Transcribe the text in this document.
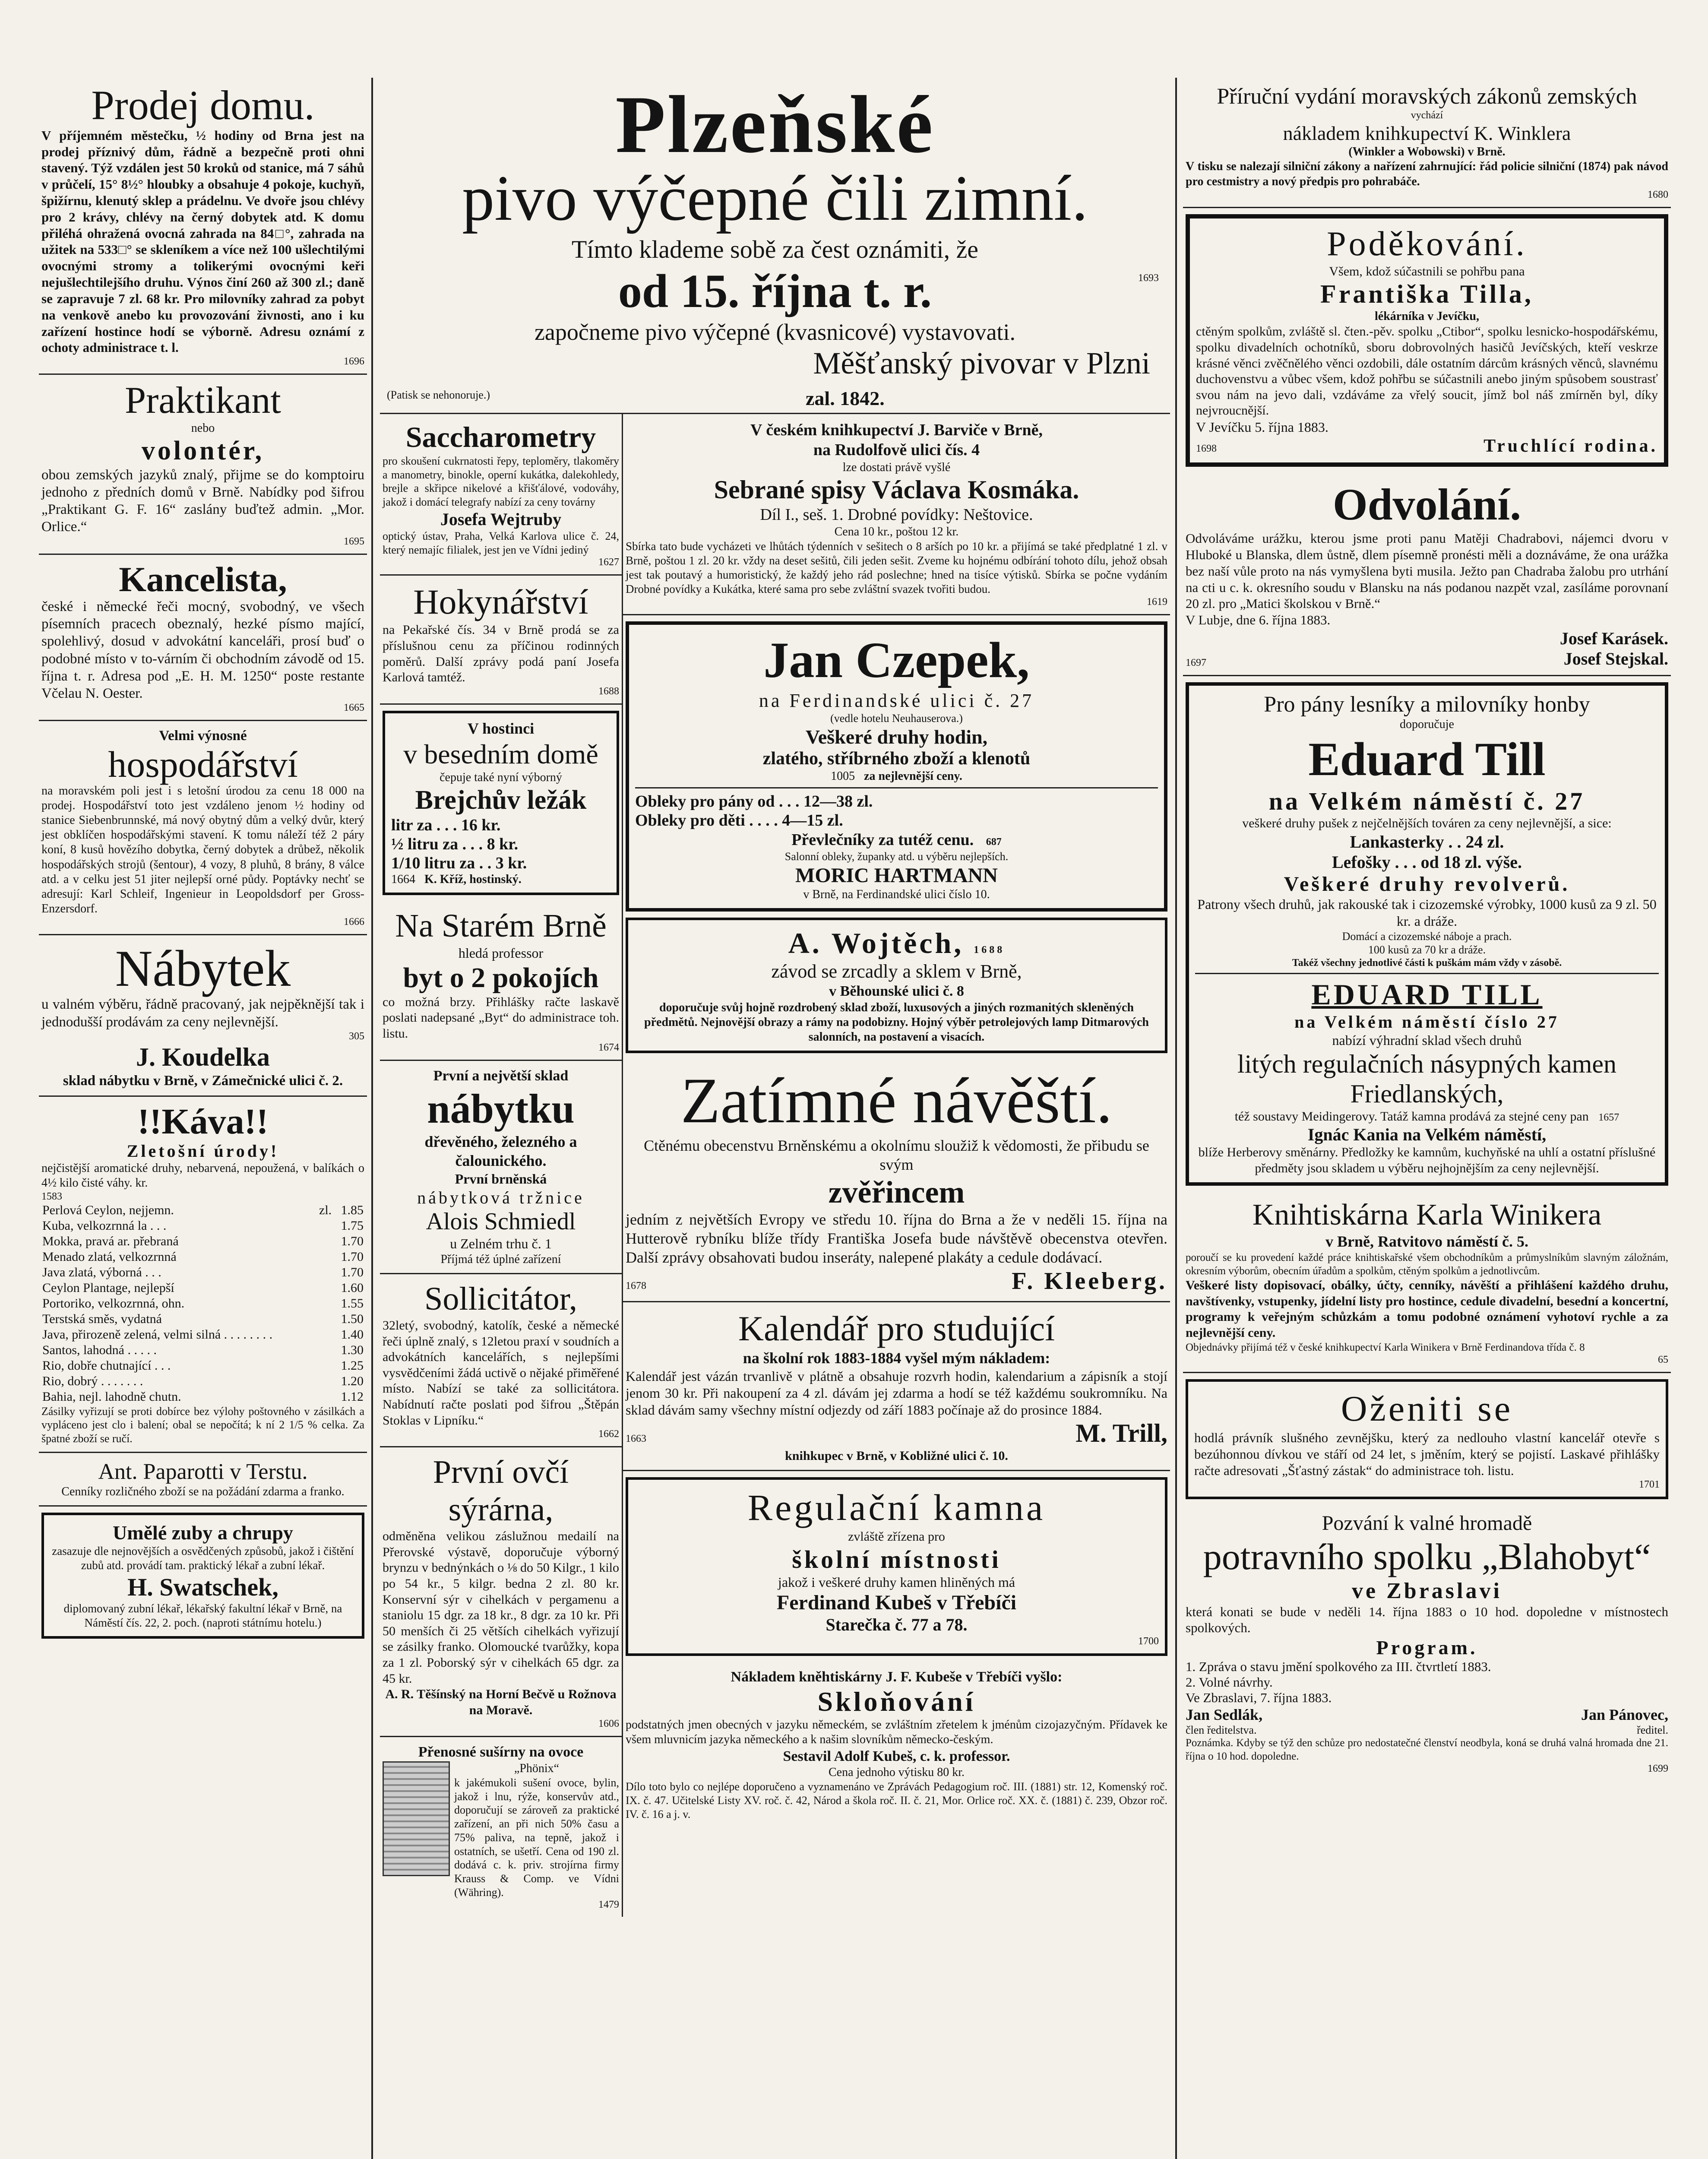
Prodej domu.
V příjemném městečku, ½ hodiny od Brna jest na prodej příznivý dům, řádně a bezpečně proti ohni stavený. Týž vzdálen jest 50 kroků od stanice, má 7 sáhů v průčelí, 15° 8½° hloubky a obsahuje 4 pokoje, kuchyň, špižírnu, klenutý sklep a prádelnu. Ve dvoře jsou chlévy pro 2 krávy, chlévy na černý dobytek atd. K domu přiléhá ohražená ovocná zahrada na 84□°, zahrada na užitek na 533□° se skleníkem a více než 100 ušlechtilými ovocnými stromy a tolikerými ovocnými keři nejušlechtilejšího druhu. Výnos činí 260 až 300 zl.; daně se zapravuje 7 zl. 68 kr. Pro milovníky zahrad za pobyt na venkově anebo ku provozování živnosti, ano i ku zařízení hostince hodí se výborně. Adresu oznámí z ochoty administrace t. l.
1696
Praktikant
nebo
volontér,
obou zemských jazyků znalý, přijme se do komptoiru jednoho z předních domů v Brně. Nabídky pod šifrou „Praktikant G. F. 16“ zaslány buďtež admin. „Mor. Orlice.“
1695
Kancelista,
české i německé řeči mocný, svobodný, ve všech písemních pracech obeznalý, hezké písmo mající, spolehlivý, dosud v advokátní kanceláři, prosí buď o podobné místo v to-várním či obchodním závodě od 15. října t. r. Adresa pod „E. H. M. 1250“ poste restante Včelau N. Oester.
1665
Velmi výnosné
hospodářství
na moravském poli jest i s letošní úrodou za cenu 18 000 na prodej. Hospodářství toto jest vzdáleno jenom ½ hodiny od stanice Siebenbrunnské, má nový obytný dům a velký dvůr, který jest obklíčen hospodářskými stavení. K tomu náleží též 2 páry koní, 8 kusů hovězího dobytka, černý dobytek a drůbež, několik hospodářských strojů (šentour), 4 vozy, 8 pluhů, 8 brány, 8 válce atd. a v celku jest 51 jiter nejlepší orné půdy. Poptávky nechť se adresují: Karl Schleif, Ingenieur in Leopoldsdorf per Gross-Enzersdorf.
1666
Nábytek
u valném výběru, řádně pracovaný, jak nejpěknější tak i jednodušší prodávám za ceny nejlevnější.
305
J. Koudelka
sklad nábytku v Brně, v Zámečnické ulici č. 2.
!!Káva!!
Zletošní úrody!
nejčistější aromatické druhy, nebarvená, nepoužená, v balíkách o 4½ kilo čisté váhy. kr.
1583
Perlová Ceylon, nejjemn.	zl.	1.85
Kuba, velkozrnná la . . .		1.75
Mokka, pravá ar. přebraná		1.70
Menado zlatá, velkozrnná		1.70
Java zlatá, výborná . . .		1.70
Ceylon Plantage, nejlepší		1.60
Portoriko, velkozrnná, ohn.		1.55
Terstská směs, vydatná		1.50
Java, přirozeně zelená, velmi silná . . . . . . . .		1.40
Santos, lahodná . . . . .		1.30
Rio, dobře chutnající . . .		1.25
Rio, dobrý . . . . . . .		1.20
Bahia, nejl. lahodně chutn.		1.12
Zásilky vyřizují se proti dobírce bez výlohy poštovného v zásilkách a vypláceno jest clo i balení; obal se nepočítá; k ní 2 1/5 % celka. Za špatné zboží se ručí.
Ant. Paparotti v Terstu.
Cenníky rozličného zboží se na požádání zdarma a franko.
Umělé zuby a chrupy
zasazuje dle nejnovějších a osvědčených způsobů, jakož i čištění zubů atd. provádí tam. praktický lékař a zubní lékař.
H. Swatschek,
diplomovaný zubní lékař, lékařský fakultní lékař v Brně, na Náměstí čís. 22, 2. poch. (naproti státnímu hotelu.)
Plzeňské
pivo výčepné čili zimní.
Tímto klademe sobě za čest oznámiti, že
od 15. října t. r.	1693
započneme pivo výčepné (kvasnicové) vystavovati.
Měšťanský pivovar v Plzni
(Patisk se nehonoruje.)	zal. 1842.
Saccharometry
pro skoušení cukrnatosti řepy, teploměry, tlakoměry a manometry, binokle, operní kukátka, dalekohledy, brejle a skřipce nikelové a křišťálové, vodováhy, jakož i domácí telegrafy nabízí za ceny továrny
Josefa Wejtruby
optický ústav, Praha, Velká Karlova ulice č. 24, který nemajíc filialek, jest jen ve Vídni jediný
1627
Hokynářství
na Pekařské čís. 34 v Brně prodá se za příslušnou cenu za příčinou rodinných poměrů. Další zprávy podá paní Josefa Karlová tamtéž.
1688
V hostinci
v besedním domě
čepuje také nyní výborný
Brejchův ležák
litr za . . . 16 kr.
½ litru za . . . 8 kr.
1/10 litru za . . 3 kr.
1664 K. Kříž, hostinský.
Na Starém Brně
hledá professor
byt o 2 pokojích
co možná brzy. Přihlášky račte laskavě poslati nadepsané „Byt“ do administrace toh. listu.
1674
První a největší sklad
nábytku
dřevěného, železného a čalounického.
První brněnská
nábytková tržnice
Alois Schmiedl
u Zelném trhu č. 1
Příjmá též úplné zařízení
Sollicitátor,
32letý, svobodný, katolík, české a německé řeči úplně znalý, s 12letou praxí v soudních a advokátních kancelářích, s nejlepšími vysvědčeními žádá uctivě o nějaké přiměřené místo. Nabízí se také za sollicitátora. Nabídnutí račte poslati pod šifrou „Štěpán Stoklas v Lipníku.“
1662
První ovčí sýrárna,
odměněna velikou záslužnou medailí na Přerovské výstavě, doporučuje výborný brynzu v bednýnkách o ⅛ do 50 Kilgr., 1 kilo po 54 kr., 5 kilgr. bedna 2 zl. 80 kr. Konservní sýr v cihelkách v pergamenu a staniolu 15 dgr. za 18 kr., 8 dgr. za 10 kr. Při 50 menších či 25 větších cihelkách vyřizují se zásilky franko. Olomoucké tvarůžky, kopa za 1 zl. Poborský sýr v cihelkách 65 dgr. za 45 kr.
A. R. Těšínský na Horní Bečvě u Rožnova na Moravě.
1606
Přenosné sušírny na ovoce
„Phönix“
k jakémukoli sušení ovoce, bylin, jakož i lnu, rýže, konservův atd., doporučují se zároveň za praktické zařízení, an při nich 50% času a 75% paliva, na tepně, jakož i ostatních, se ušetří. Cena od 190 zl. dodává c. k. priv. strojírna firmy Krauss & Comp. ve Vídni (Währing).
1479
V českém knihkupectví J. Barviče v Brně,
na Rudolfově ulici čís. 4
lze dostati právě vyšlé
Sebrané spisy Václava Kosmáka.
Díl I., seš. 1. Drobné povídky: Neštovice.
Cena 10 kr., poštou 12 kr.
Sbírka tato bude vycházeti ve lhůtách týdenních v sešitech o 8 arších po 10 kr. a přijímá se také předplatné 1 zl. v Brně, poštou 1 zl. 20 kr. vždy na deset sešitů, čili jeden sešit. Zveme ku hojnému odbírání tohoto dílu, jehož obsah jest tak poutavý a humoristický, že každý jeho rád poslechne; hned na tisíce výtisků. Sbírka se počne vydáním Drobné povídky a Kukátka, které sama pro sebe zvláštní svazek tvořiti budou.
1619
Jan Czepek,
na Ferdinandské ulici č. 27
(vedle hotelu Neuhauserova.)
Veškeré druhy hodin,
zlatého, stříbrného zboží a klenotů
1005 za nejlevnější ceny.
Obleky pro pány od . . . 12—38 zl.
Obleky pro děti . . . . 4—15 zl.
Převlečníky za tutéž cenu. 687
Salonní obleky, županky atd. u výběru nejlepších.
MORIC HARTMANN
v Brně, na Ferdinandské ulici číslo 10.
A. Wojtěch, 1688
závod se zrcadly a sklem v Brně,
v Běhounské ulici č. 8
doporučuje svůj hojně rozdrobený sklad zboží, luxusových a jiných rozmanitých skleněných předmětů. Nejnovější obrazy a rámy na podobizny. Hojný výběr petrolejových lamp Ditmarových salonních, na postavení a visacích.
Zatímné návěští.
Ctěnému obecenstvu Brněnskému a okolnímu sloužiž k vědomosti, že přibudu se svým
zvěřincem
jedním z největších Evropy ve středu 10. října do Brna a že v neděli 15. října na Hutterově rybníku blíže třídy Františka Josefa bude návštěvě obecenstva otevřen. Další zprávy obsahovati budou inseráty, nalepené plakáty a cedule dodávací.
1678	F. Kleeberg.
Kalendář pro studující
na školní rok 1883-1884 vyšel mým nákladem:
Kalendář jest vázán trvanlivě v plátně a obsahuje rozvrh hodin, kalendarium a zápisník a stojí jenom 30 kr. Při nakoupení za 4 zl. dávám jej zdarma a hodí se též každému soukromníku. Na sklad dávám samy všechny místní odjezdy od září 1883 počínaje až do prosince 1884.
1663	M. Trill,
knihkupec v Brně, v Kobližné ulici č. 10.
Regulační kamna
zvláště zřízena pro
školní místnosti
jakož i veškeré druhy kamen hliněných má
Ferdinand Kubeš v Třebíči
Starečka č. 77 a 78.
1700
Nákladem kněhtiskárny J. F. Kubeše v Třebíči vyšlo:
Skloňování
podstatných jmen obecných v jazyku německém, se zvláštním zřetelem k jménům cizojazyčným. Přídavek ke všem mluvnicím jazyka německého a k našim slovníkům německo-českým.
Sestavil Adolf Kubeš, c. k. professor.
Cena jednoho výtisku 80 kr.
Dílo toto bylo co nejlépe doporučeno a vyznamenáno ve Zprávách Pedagogium roč. III. (1881) str. 12, Komenský roč. IX. č. 47. Učitelské Listy XV. roč. č. 42, Národ a škola roč. II. č. 21, Mor. Orlice roč. XX. č. (1881) č. 239, Obzor roč. IV. č. 16 a j. v.
Příruční vydání moravských zákonů zemských
vychází
nákladem knihkupectví K. Winklera
(Winkler a Wobowski) v Brně.
V tisku se nalezají silniční zákony a nařízení zahrnující: řád policie silniční (1874) pak návod pro cestmistry a nový předpis pro pohrabáče.
1680
Poděkování.
Všem, kdož súčastnili se pohřbu pana
Františka Tilla,
lékárníka v Jevíčku,
ctěným spolkům, zvláště sl. čten.-pěv. spolku „Ctibor“, spolku lesnicko-hospodářskému, spolku divadelních ochotníků, sboru dobrovolných hasičů Jevíčských, kteří veskrze krásné věnci zvěčnělého věnci ozdobili, dále ostatním dárcům krásných věnců, slavnému duchovenstvu a vůbec všem, kdož pohřbu se súčastnili anebo jiným spůsobem soustrasť svou nám na jevo dali, vzdáváme za vřelý soucit, jímž bol náš zmírněn byl, díky nejvroucnější.
V Jevíčku 5. října 1883.
1698	Truchlící rodina.
Odvolání.
Odvoláváme urážku, kterou jsme proti panu Matěji Chadrabovi, nájemci dvoru v Hluboké u Blanska, dlem ůstně, dlem písemně pronésti měli a doznáváme, že ona urážka bez naší vůle proto na nás vymyšlena byti musila. Ježto pan Chadraba žalobu pro utrhání na cti u c. k. okresního soudu v Blansku na nás podanou nazpět vzal, zasíláme porovnaní 20 zl. pro „Matici školskou v Brně.“
V Lubje, dne 6. října 1883.
1697
Josef Karásek.
Josef Stejskal.
Pro pány lesníky a milovníky honby
doporučuje
Eduard Till
na Velkém náměstí č. 27
veškeré druhy pušek z nejčelnějších továren za ceny nejlevnější, a sice:
Lankasterky . . 24 zl.
Lefošky . . . od 18 zl. výše.
Veškeré druhy revolverů.
Patrony všech druhů, jak rakouské tak i cizozemské výrobky, 1000 kusů za 9 zl. 50 kr. a dráže.
Domácí a cizozemské náboje a prach.
100 kusů za 70 kr a dráže.
Takéž všechny jednotlivé části k puškám mám vždy v zásobě.
EDUARD TILL
na Velkém náměstí číslo 27
nabízí výhradní sklad všech druhů
litých regulačních násypných kamen
Friedlanských,
též soustavy Meidingerovy. Tatáž kamna prodává za stejné ceny pan 1657
Ignác Kania na Velkém náměstí,
blíže Herberovy směnárny. Předložky ke kamnům, kuchyňské na uhlí a ostatní příslušné předměty jsou skladem u výběru nejhojnějším za ceny nejlevnější.
Knihtiskárna Karla Winikera
v Brně, Ratvitovo náměstí č. 5.
poroučí se ku provedení každé práce knihtiskařské všem obchodníkům a průmyslníkům slavným záložnám, okresním výborům, obecním úřadům a spolkům, ctěným spolkům a jednotlivcům.
Veškeré listy dopisovací, obálky, účty, cenníky, návěští a přihlášení každého druhu, navštívenky, vstupenky, jídelní listy pro hostince, cedule divadelní, besední a koncertní, programy k veřejným schůzkám a tomu podobné oznámení vyhotoví rychle a za nejlevnější ceny.
Objednávky přijímá též v české knihkupectví Karla Winikera v Brně Ferdinandova třída č. 8
65
Oženiti se
hodlá právník slušného zevnějšku, který za nedlouho vlastní kancelář otevře s bezúhonnou dívkou ve stáří od 24 let, s jměním, který se pojistí. Laskavé přihlášky račte adresovati „Šťastný zástak“ do administrace toh. listu.
1701
Pozvání k valné hromadě
potravního spolku „Blahobyt“
ve Zbraslavi
která konati se bude v neděli 14. října 1883 o 10 hod. dopoledne v místnostech spolkových.
Program.
1. Zpráva o stavu jmění spolkového za III. čtvrtletí 1883.
2. Volné návrhy.
Ve Zbraslavi, 7. října 1883.
Jan Sedlák,
člen ředitelstva.
Jan Pánovec,
ředitel.
Poznámka. Kdyby se týž den schůze pro nedostatečné členství neodbyla, koná se druhá valná hromada dne 21. října o 10 hod. dopoledne.
1699
